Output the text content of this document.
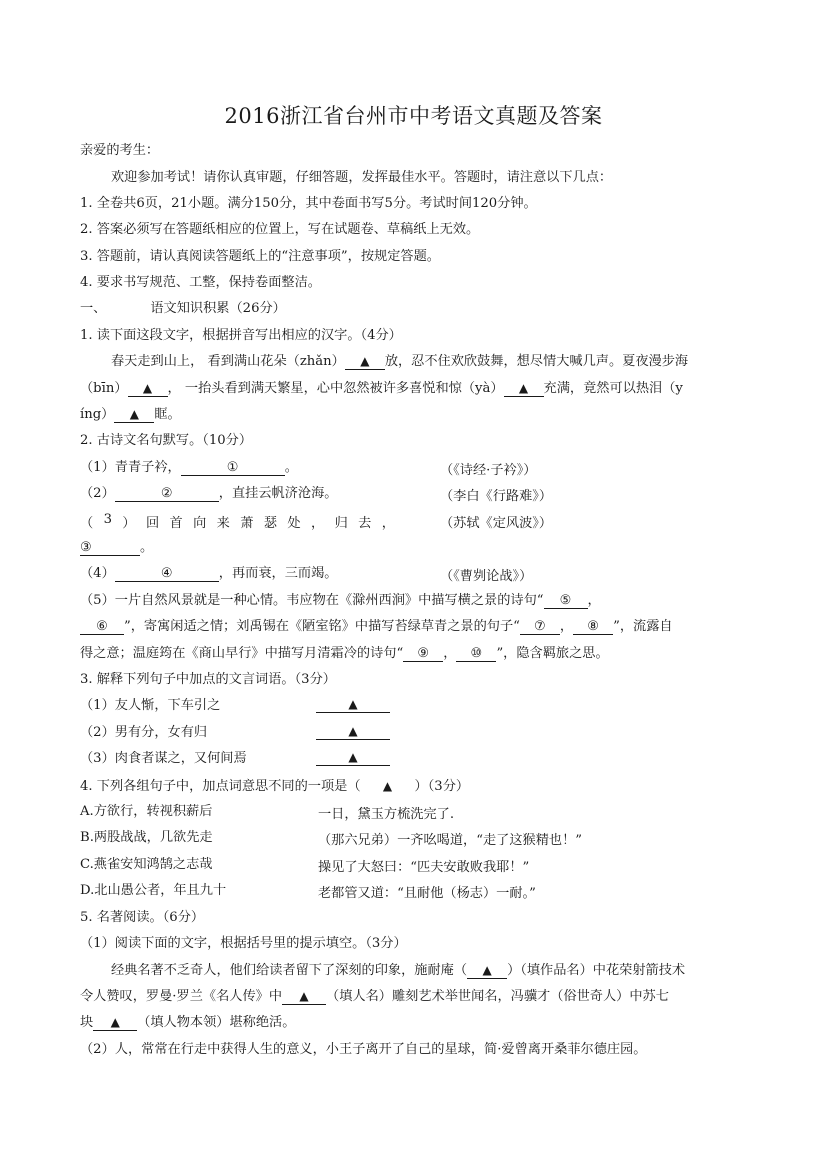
2016浙江省台州市中考语文真题及答案
亲爱的考生：
欢迎参加考试！请你认真审题，仔细答题，发挥最佳水平。答题时，请注意以下几点：
1. 全卷共6页，21小题。满分150分，其中卷面书写5分。考试时间120分钟。
2. 答案必须写在答题纸相应的位置上，写在试题卷、草稿纸上无效。
3. 答题前，请认真阅读答题纸上的“注意事项”，按规定答题。
4. 要求书写规范、工整，保持卷面整洁。
一、	语文知识积累（26分）
1. 读下面这段文字，根据拼音写出相应的汉字。（4分）
春天走到山上， 看到满山花朵（zhǎn） ▲ 放，忍不住欢欣鼓舞，想尽情大喊几声。夏夜漫步海
（bīn） ▲ ， 一抬头看到满天繁星，心中忽然被许多喜悦和惊（yà） ▲ 充满，竟然可以热泪（y
íng） ▲ 眶。
2. 古诗文名句默写。（10分）
（1）青青子衿，	①	。	（《诗经·子衿》）
（2）	②	，直挂云帆济沧海。	（李白《行路难》）
（ 3 ） 回 首 向 来 萧 瑟 处 ， 归 去 ，	（苏轼《定风波》）
③	。
（4）	④	，再而衰，三而竭。	（《曹刿论战》）
（5）一片自然风景就是一种心情。韦应物在《滁州西涧》中描写横之景的诗句“ ⑤ ，
⑥ ”，寄寓闲适之情；刘禹锡在《陋室铭》中描写苔绿草青之景的句子“ ⑦ ， ⑧ ”，流露自
得之意；温庭筠在《商山早行》中描写月清霜冷的诗句“ ⑨ ， ⑩ ”，隐含羁旅之思。
3. 解释下列句子中加点的文言词语。（3分）
（1）友人惭，下车引之	▲
（2）男有分，女有归	▲
（3）肉食者谋之，又何间焉	▲
4. 下列各组句子中，加点词意思不同的一项是（ ▲ ）（3分）
A.方欲行，转视积薪后	一日，黛玉方梳洗完了.
B.两股战战，几欲先走	（那六兄弟）一齐吆喝道，“走了这猴精也！”
C.燕雀安知鸿鹄之志哉	操见了大怒曰：“匹夫安敢败我耶！”
D.北山愚公者，年且九十	老都管又道：“且耐他（杨志）一耐。”
5. 名著阅读。（6分）
（1）阅读下面的文字，根据括号里的提示填空。（3分）
经典名著不乏奇人，他们给读者留下了深刻的印象，施耐庵（ ▲ ）（填作品名）中花荣射箭技术
令人赞叹，罗曼·罗兰《名人传》中 ▲ （填人名）雕刻艺术举世闻名，冯骥才（俗世奇人）中苏七
块 ▲ （填人物本领）堪称绝活。
（2）人，常常在行走中获得人生的意义，小王子离开了自己的星球，简·爱曾离开桑菲尔德庄园。
